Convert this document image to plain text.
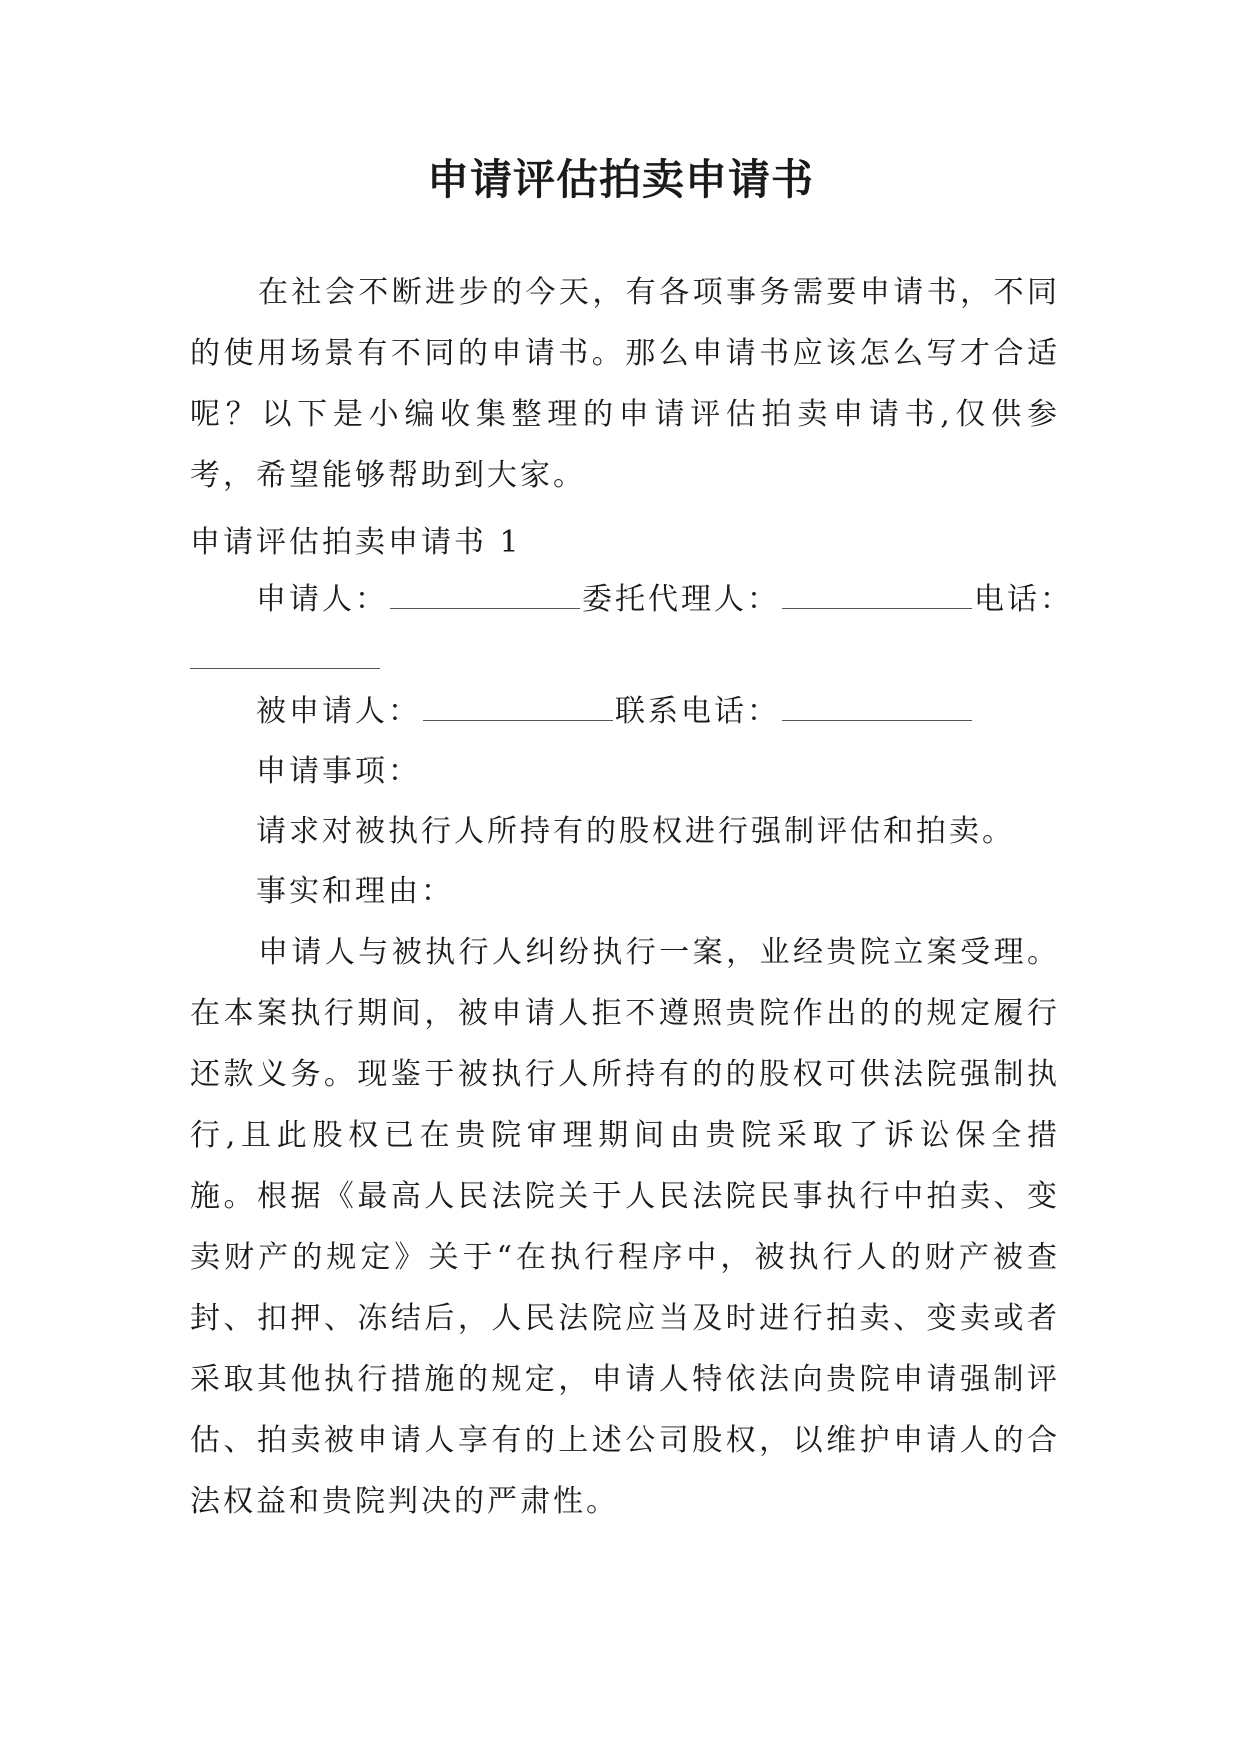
申请评估拍卖申请书
在社会不断进步的今天，有各项事务需要申请书，不同的使用场景有不同的申请书。那么申请书应该怎么写才合适呢？以下是小编收集整理的申请评估拍卖申请书,仅供参考，希望能够帮助到大家。
申请评估拍卖申请书 1
申请人：	委托代理人：	电话：
被申请人：	联系电话：
申请事项：
请求对被执行人所持有的股权进行强制评估和拍卖。
事实和理由：
申请人与被执行人纠纷执行一案，业经贵院立案受理。在本案执行期间，被申请人拒不遵照贵院作出的的规定履行还款义务。现鉴于被执行人所持有的的股权可供法院强制执行,且此股权已在贵院审理期间由贵院采取了诉讼保全措施。根据《最高人民法院关于人民法院民事执行中拍卖、变卖财产的规定》关于“在执行程序中，被执行人的财产被查封、扣押、冻结后，人民法院应当及时进行拍卖、变卖或者采取其他执行措施的规定，申请人特依法向贵院申请强制评估、拍卖被申请人享有的上述公司股权，以维护申请人的合法权益和贵院判决的严肃性。
